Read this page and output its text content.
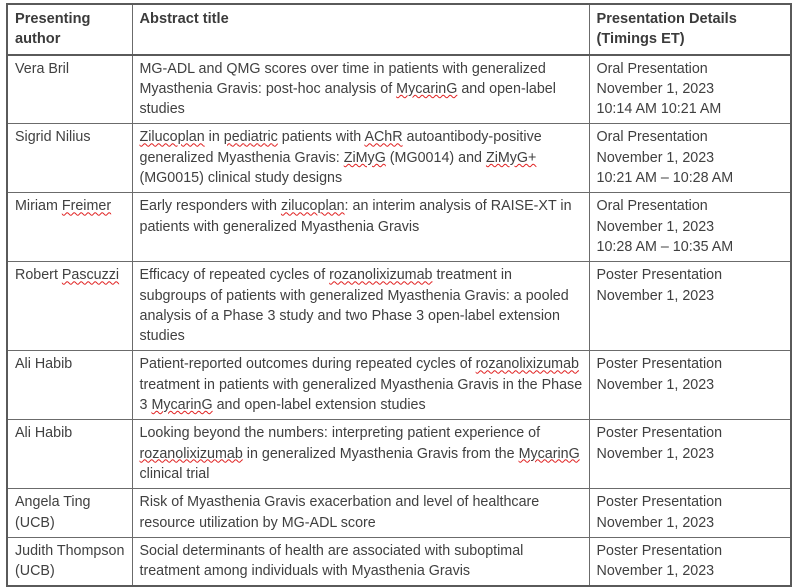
Presenting author	Abstract title	Presentation Details
(Timings ET)

Vera Bril	MG-ADL and QMG scores over time in patients with generalized Myasthenia Gravis: post-hoc analysis of MycarinG and open-label studies	Oral Presentation
November 1, 2023
10:14 AM 10:21 AM

Sigrid Nilius	Zilucoplan in pediatric patients with AChR autoantibody-positive generalized Myasthenia Gravis: ZiMyG (MG0014) and ZiMyG+ (MG0015) clinical study designs	Oral Presentation
November 1, 2023
10:21 AM – 10:28 AM

Miriam Freimer	Early responders with zilucoplan: an interim analysis of RAISE-XT in patients with generalized Myasthenia Gravis	Oral Presentation
November 1, 2023
10:28 AM – 10:35 AM

Robert Pascuzzi	Efficacy of repeated cycles of rozanolixizumab treatment in subgroups of patients with generalized Myasthenia Gravis: a pooled analysis of a Phase 3 study and two Phase 3 open-label extension studies	Poster Presentation
November 1, 2023

Ali Habib	Patient-reported outcomes during repeated cycles of rozanolixizumab treatment in patients with generalized Myasthenia Gravis in the Phase 3 MycarinG and open-label extension studies	Poster Presentation
November 1, 2023

Ali Habib	Looking beyond the numbers: interpreting patient experience of rozanolixizumab in generalized Myasthenia Gravis from the MycarinG clinical trial	Poster Presentation
November 1, 2023

Angela Ting (UCB)	Risk of Myasthenia Gravis exacerbation and level of healthcare resource utilization by MG-ADL score	Poster Presentation
November 1, 2023

Judith Thompson (UCB)	Social determinants of health are associated with suboptimal treatment among individuals with Myasthenia Gravis	Poster Presentation
November 1, 2023
